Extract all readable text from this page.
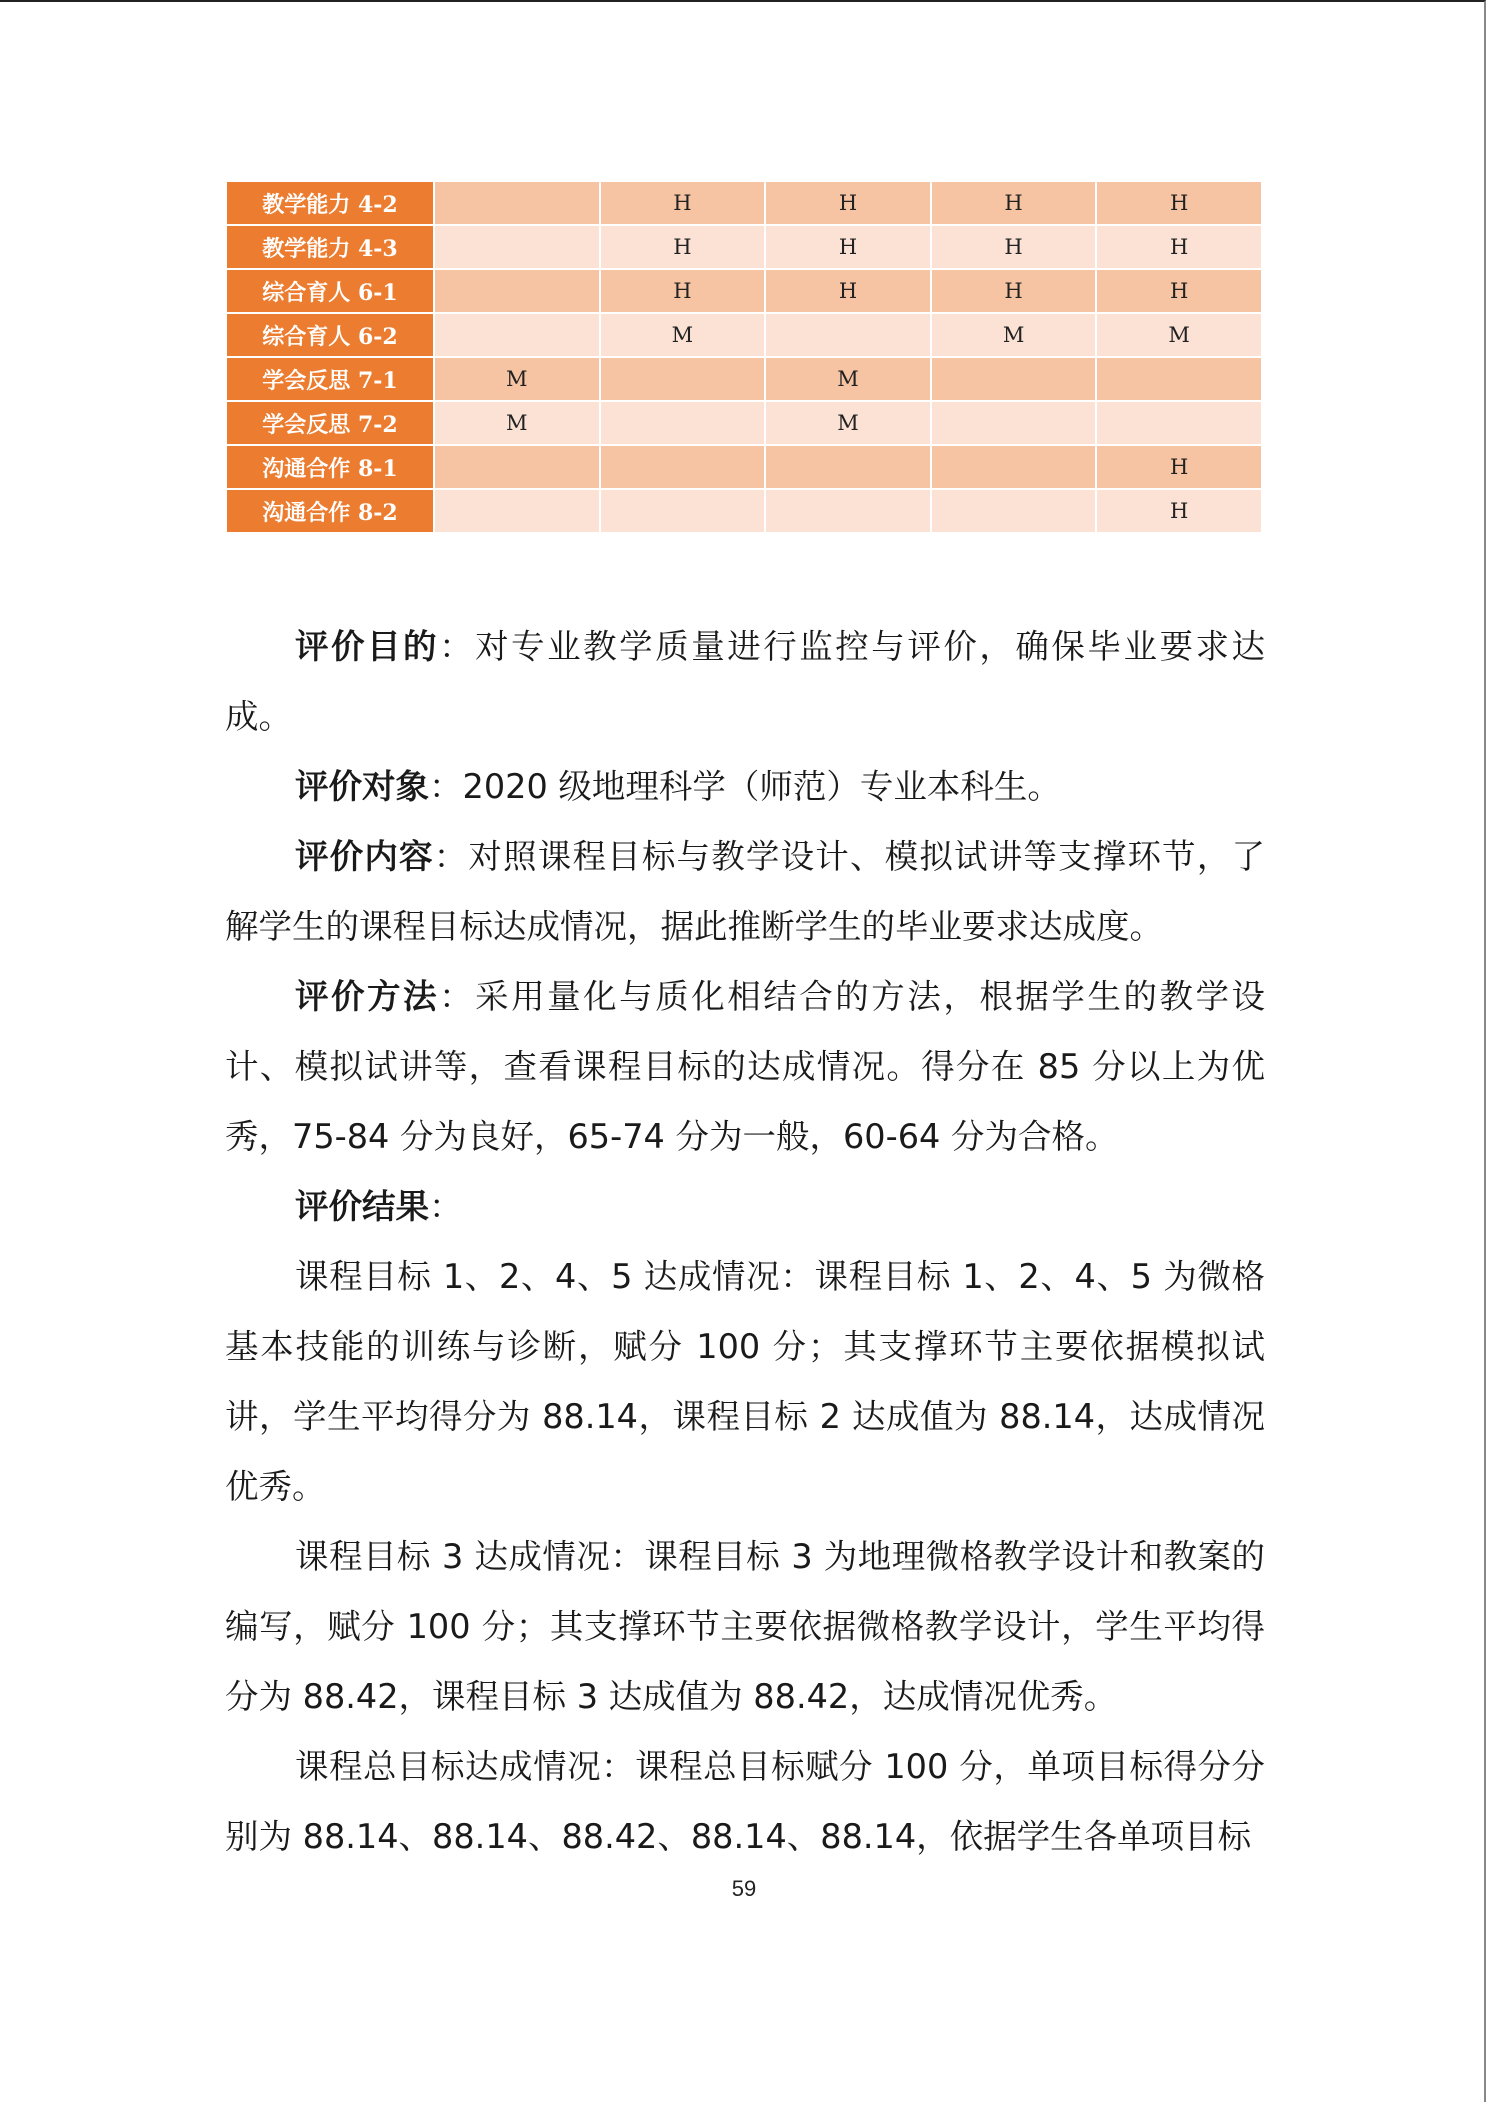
教学能力 4-2		H	H	H	H
教学能力 4-3		H	H	H	H
综合育人 6-1		H	H	H	H
综合育人 6-2		M		M	M
学会反思 7-1	M		M		
学会反思 7-2	M		M		
沟通合作 8-1					H
沟通合作 8-2					H

评价目的：对专业教学质量进行监控与评价，确保毕业要求达成。

评价对象：2020 级地理科学（师范）专业本科生。

评价内容：对照课程目标与教学设计、模拟试讲等支撑环节，了解学生的课程目标达成情况，据此推断学生的毕业要求达成度。

评价方法：采用量化与质化相结合的方法，根据学生的教学设计、模拟试讲等，查看课程目标的达成情况。得分在 85 分以上为优秀，75-84 分为良好，65-74 分为一般，60-64 分为合格。

评价结果：

课程目标 1、2、4、5 达成情况：课程目标 1、2、4、5 为微格基本技能的训练与诊断，赋分 100 分；其支撑环节主要依据模拟试讲，学生平均得分为 88.14，课程目标 2 达成值为 88.14，达成情况优秀。

课程目标 3 达成情况：课程目标 3 为地理微格教学设计和教案的编写，赋分 100 分；其支撑环节主要依据微格教学设计，学生平均得分为 88.42，课程目标 3 达成值为 88.42，达成情况优秀。

课程总目标达成情况：课程总目标赋分 100 分，单项目标得分分别为 88.14、88.14、88.42、88.14、88.14，依据学生各单项目标

59
